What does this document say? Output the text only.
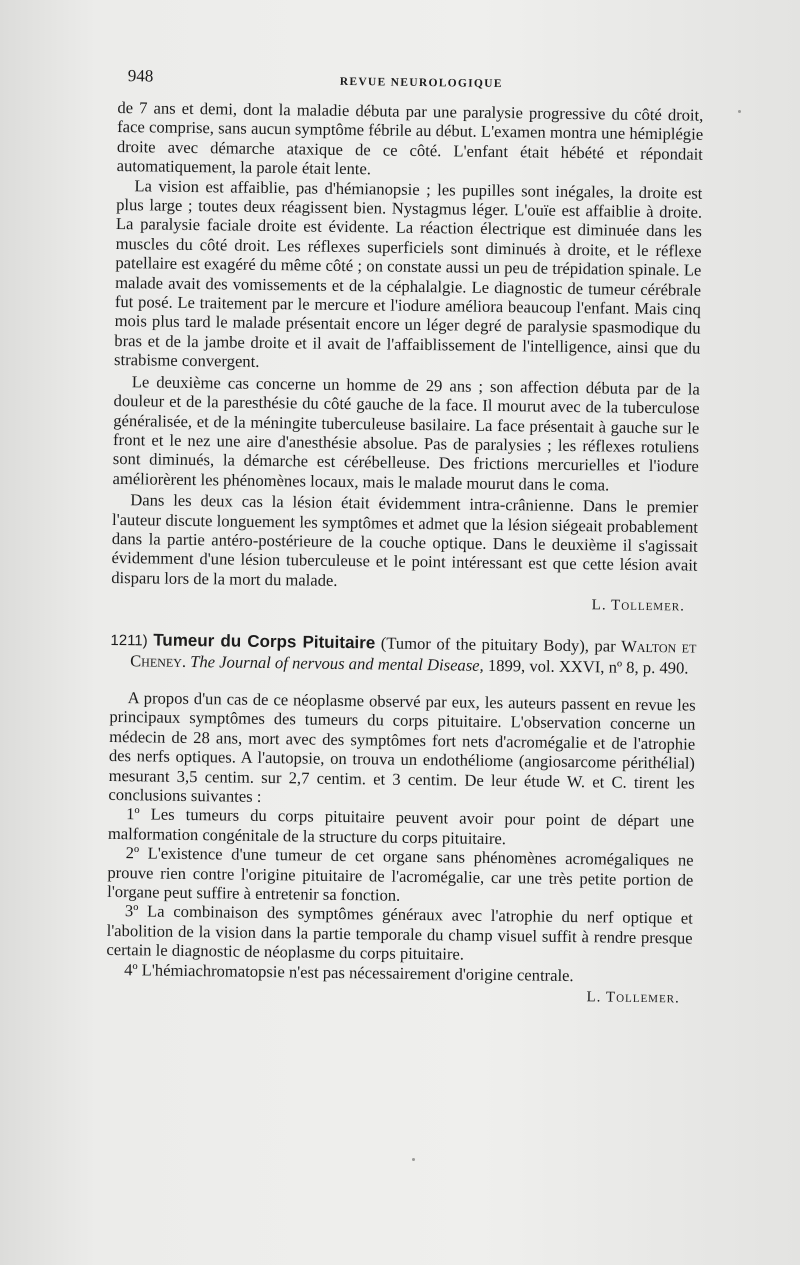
948	REVUE NEUROLOGIQUE

de 7 ans et demi, dont la maladie débuta par une paralysie progressive du côté droit, face comprise, sans aucun symptôme fébrile au début. L'examen montra une hémiplégie droite avec démarche ataxique de ce côté. L'enfant était hébété et répondait automatiquement, la parole était lente.

La vision est affaiblie, pas d'hémianopsie ; les pupilles sont inégales, la droite est plus large ; toutes deux réagissent bien. Nystagmus léger. L'ouïe est affaiblie à droite. La paralysie faciale droite est évidente. La réaction électrique est diminuée dans les muscles du côté droit. Les réflexes superficiels sont diminués à droite, et le réflexe patellaire est exagéré du même côté ; on constate aussi un peu de trépidation spinale. Le malade avait des vomissements et de la céphalalgie. Le diagnostic de tumeur cérébrale fut posé. Le traitement par le mercure et l'iodure améliora beaucoup l'enfant. Mais cinq mois plus tard le malade présentait encore un léger degré de paralysie spasmodique du bras et de la jambe droite et il avait de l'affaiblissement de l'intelligence, ainsi que du strabisme convergent.

Le deuxième cas concerne un homme de 29 ans ; son affection débuta par de la douleur et de la paresthésie du côté gauche de la face. Il mourut avec de la tuberculose généralisée, et de la méningite tuberculeuse basilaire. La face présentait à gauche sur le front et le nez une aire d'anesthésie absolue. Pas de paralysies ; les réflexes rotuliens sont diminués, la démarche est cérébelleuse. Des frictions mercurielles et l'iodure améliorèrent les phénomènes locaux, mais le malade mourut dans le coma.

Dans les deux cas la lésion était évidemment intra-crânienne. Dans le premier l'auteur discute longuement les symptômes et admet que la lésion siégeait probablement dans la partie antéro-postérieure de la couche optique. Dans le deuxième il s'agissait évidemment d'une lésion tuberculeuse et le point intéressant est que cette lésion avait disparu lors de la mort du malade.

L. Tollemer.
1211) Tumeur du Corps Pituitaire (Tumor of the pituitary Body), par Walton et Cheney. The Journal of nervous and mental Disease, 1899, vol. XXVI, nº 8, p. 490.

A propos d'un cas de ce néoplasme observé par eux, les auteurs passent en revue les principaux symptômes des tumeurs du corps pituitaire. L'observation concerne un médecin de 28 ans, mort avec des symptômes fort nets d'acromégalie et de l'atrophie des nerfs optiques. A l'autopsie, on trouva un endothéliome (angiosarcome périthélial) mesurant 3,5 centim. sur 2,7 centim. et 3 centim. De leur étude W. et C. tirent les conclusions suivantes :

1º Les tumeurs du corps pituitaire peuvent avoir pour point de départ une malformation congénitale de la structure du corps pituitaire.

2º L'existence d'une tumeur de cet organe sans phénomènes acromégaliques ne prouve rien contre l'origine pituitaire de l'acromégalie, car une très petite portion de l'organe peut suffire à entretenir sa fonction.

3º La combinaison des symptômes généraux avec l'atrophie du nerf optique et l'abolition de la vision dans la partie temporale du champ visuel suffit à rendre presque certain le diagnostic de néoplasme du corps pituitaire.

4º L'hémiachromatopsie n'est pas nécessairement d'origine centrale.

L. Tollemer.
